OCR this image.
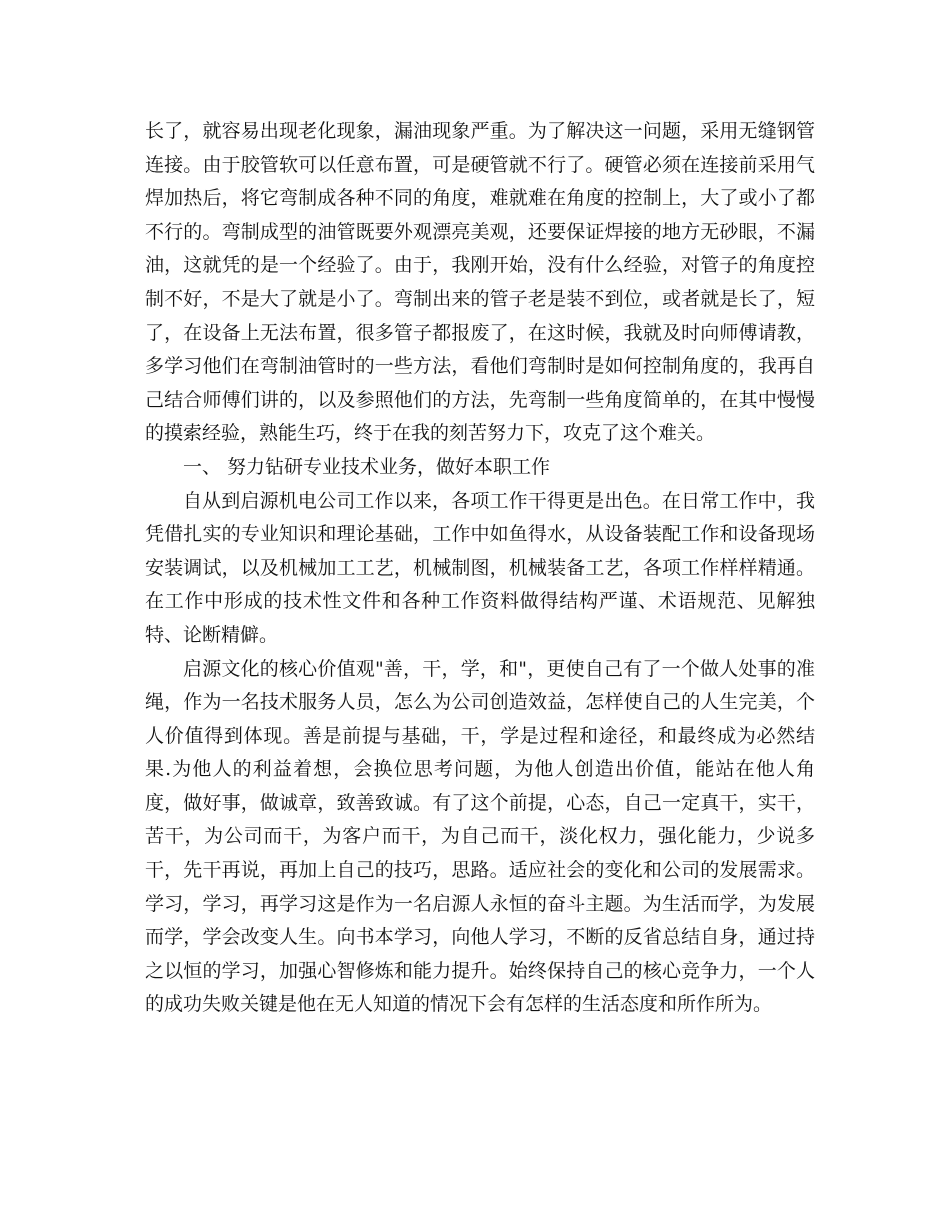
长了，就容易出现老化现象，漏油现象严重。为了解决这一问题，采用无缝钢管连接。由于胶管软可以任意布置，可是硬管就不行了。硬管必须在连接前采用气焊加热后，将它弯制成各种不同的角度，难就难在角度的控制上，大了或小了都不行的。弯制成型的油管既要外观漂亮美观，还要保证焊接的地方无砂眼，不漏油，这就凭的是一个经验了。由于，我刚开始，没有什么经验，对管子的角度控制不好，不是大了就是小了。弯制出来的管子老是装不到位，或者就是长了，短了，在设备上无法布置，很多管子都报废了，在这时候，我就及时向师傅请教，多学习他们在弯制油管时的一些方法，看他们弯制时是如何控制角度的，我再自己结合师傅们讲的，以及参照他们的方法，先弯制一些角度简单的，在其中慢慢的摸索经验，熟能生巧，终于在我的刻苦努力下，攻克了这个难关。

一、 努力钻研专业技术业务，做好本职工作

自从到启源机电公司工作以来，各项工作干得更是出色。在日常工作中，我凭借扎实的专业知识和理论基础，工作中如鱼得水，从设备装配工作和设备现场安装调试，以及机械加工工艺，机械制图，机械装备工艺，各项工作样样精通。在工作中形成的技术性文件和各种工作资料做得结构严谨、术语规范、见解独特、论断精僻。

启源文化的核心价值观"善，干，学，和"，更使自己有了一个做人处事的准绳，作为一名技术服务人员，怎么为公司创造效益，怎样使自己的人生完美，个人价值得到体现。善是前提与基础，干，学是过程和途径，和最终成为必然结果.为他人的利益着想，会换位思考问题，为他人创造出价值，能站在他人角度，做好事，做诚章，致善致诚。有了这个前提，心态，自己一定真干，实干，苦干，为公司而干，为客户而干，为自己而干，淡化权力，强化能力，少说多干，先干再说，再加上自己的技巧，思路。适应社会的变化和公司的发展需求。学习，学习，再学习这是作为一名启源人永恒的奋斗主题。为生活而学，为发展而学，学会改变人生。向书本学习，向他人学习，不断的反省总结自身，通过持之以恒的学习，加强心智修炼和能力提升。始终保持自己的核心竞争力，一个人的成功失败关键是他在无人知道的情况下会有怎样的生活态度和所作所为。
